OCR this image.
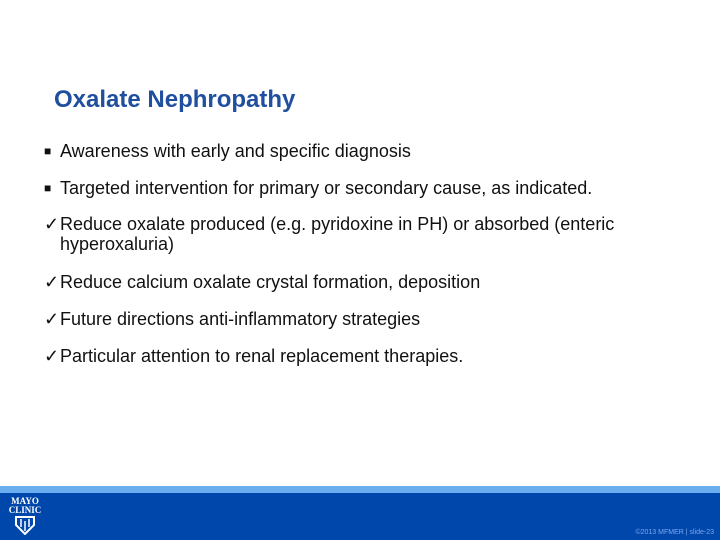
Oxalate Nephropathy
■ Awareness with early and specific diagnosis
■ Targeted intervention for primary or secondary cause, as indicated.
✓Reduce oxalate produced (e.g. pyridoxine in PH) or absorbed (enteric hyperoxaluria)
✓Reduce calcium oxalate crystal formation, deposition
✓Future directions anti-inflammatory strategies
✓Particular attention to renal replacement therapies.
MAYO
CLINIC
©2013 MFMER | slide-23
